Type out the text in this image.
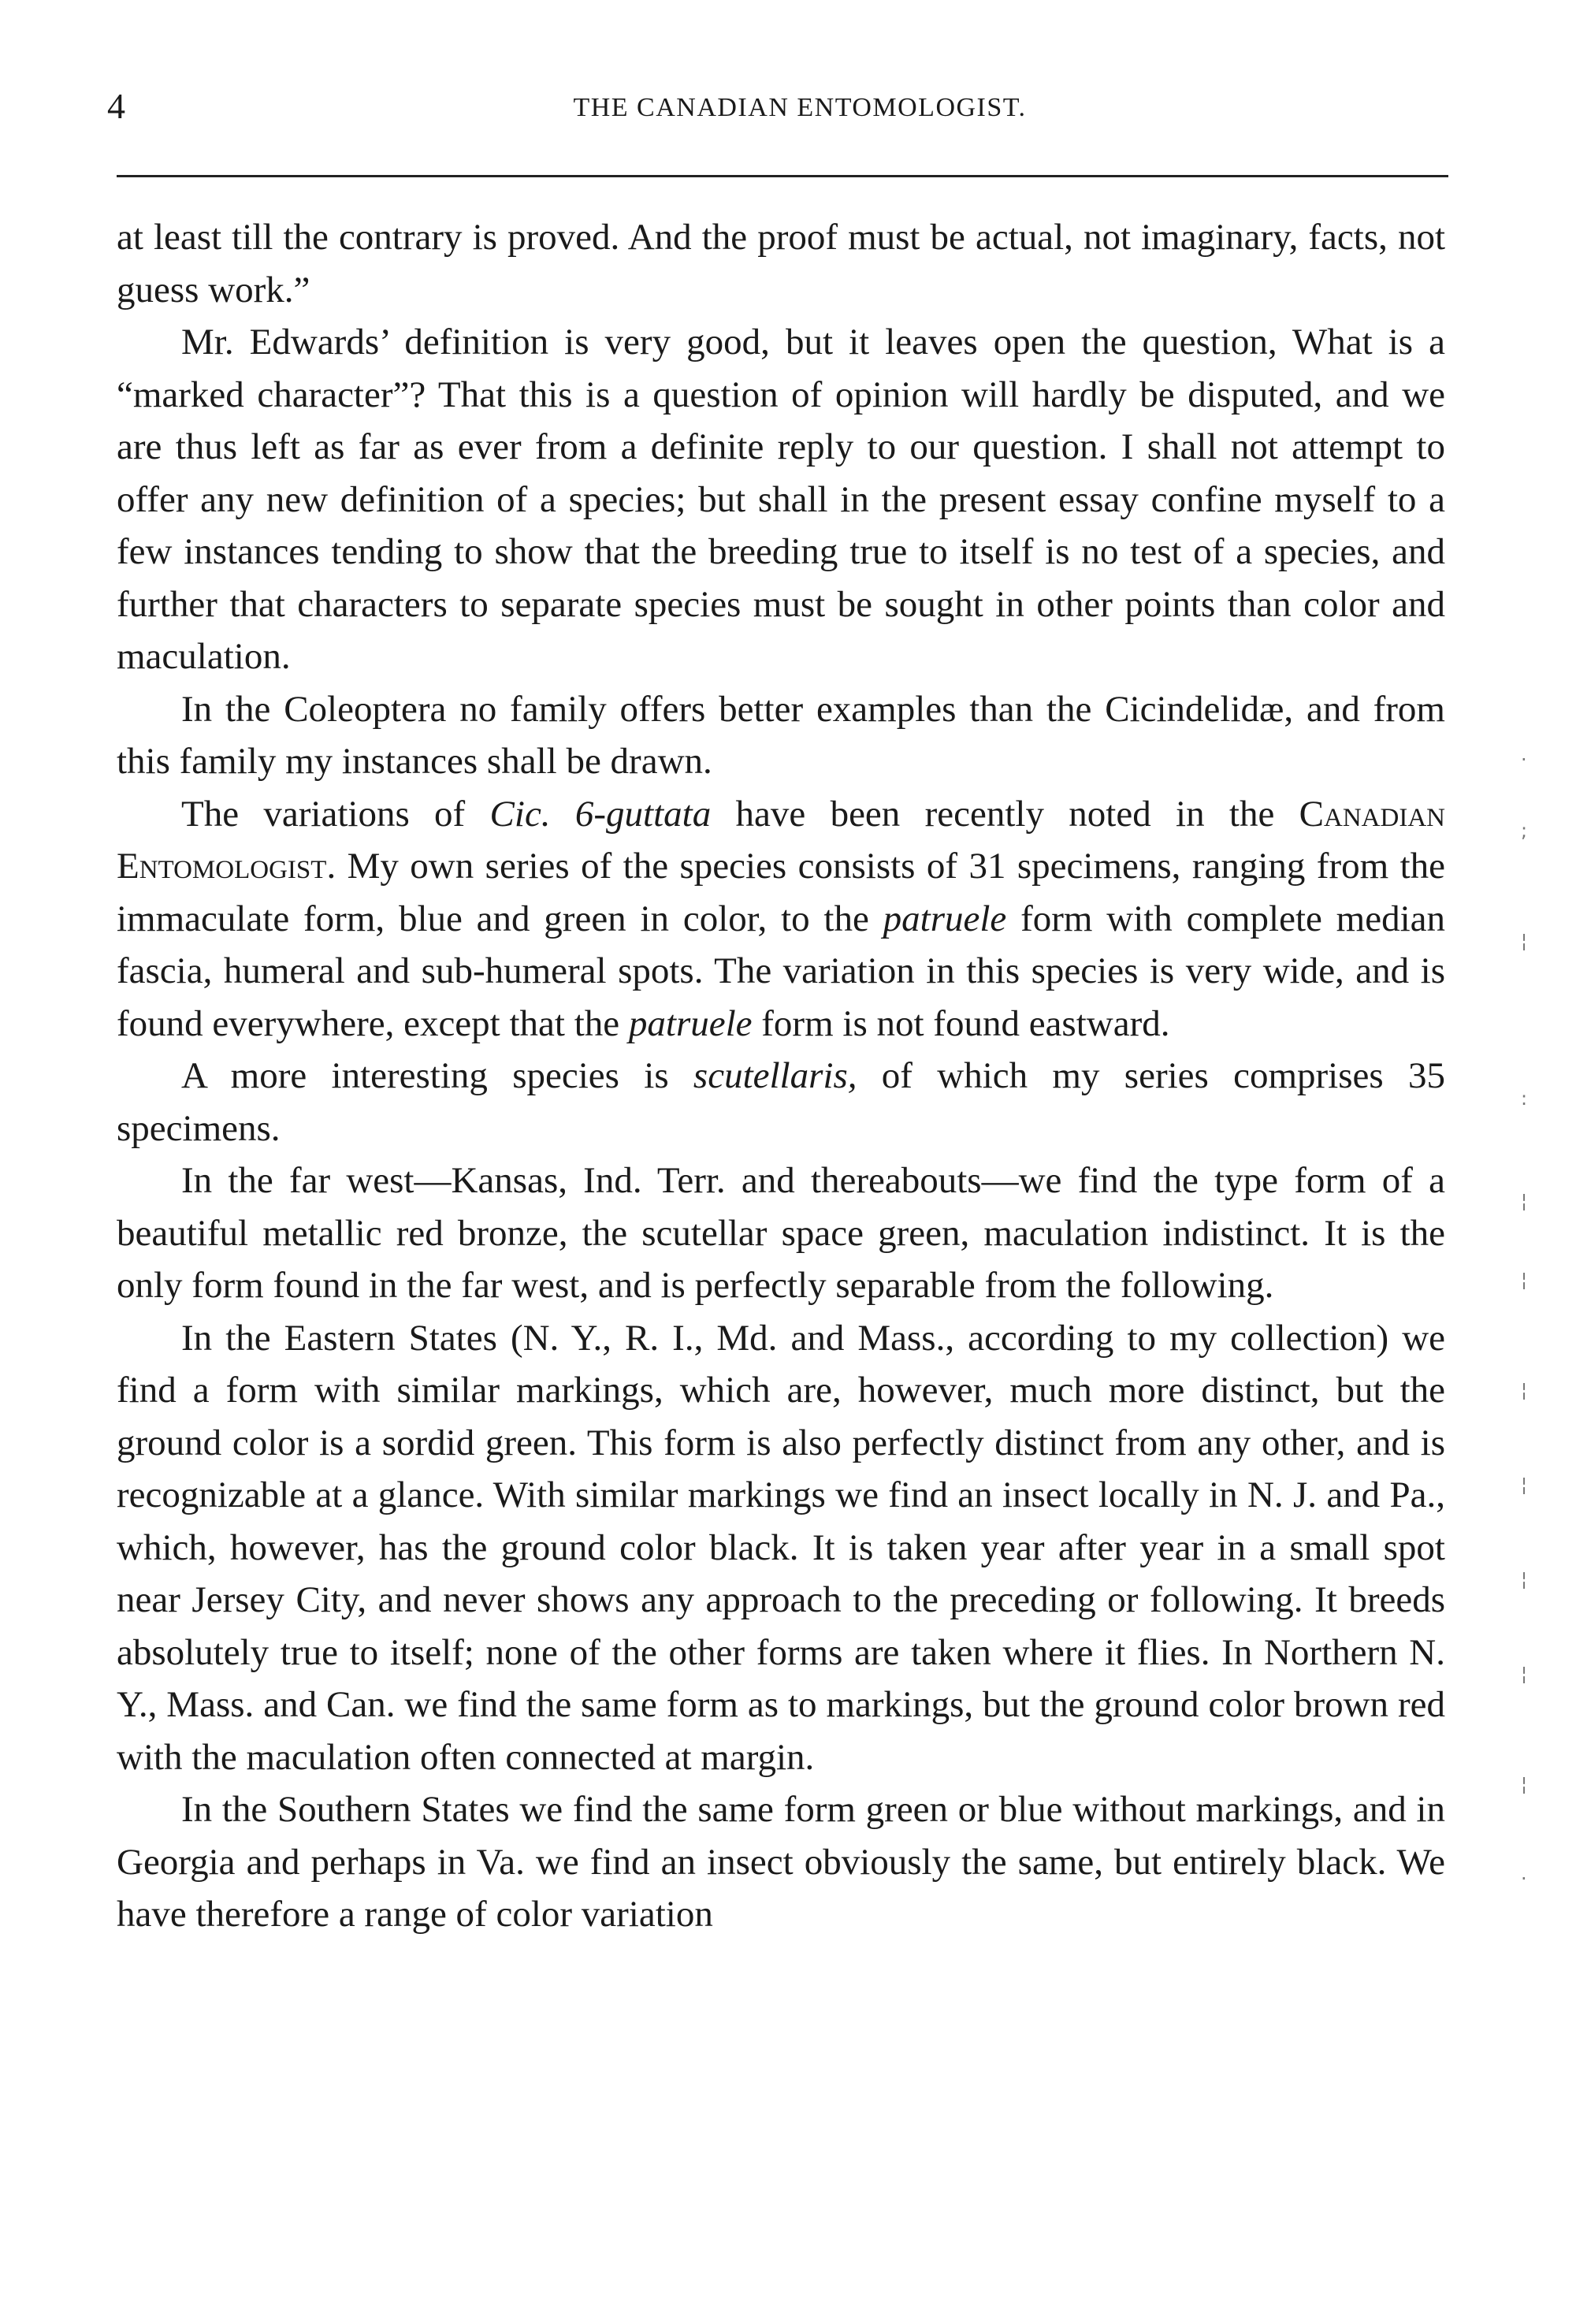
4	THE CANADIAN ENTOMOLOGIST.

at least till the contrary is proved. And the proof must be actual, not imaginary, facts, not guess work.”

Mr. Edwards’ definition is very good, but it leaves open the question, What is a “marked character”? That this is a question of opinion will hardly be disputed, and we are thus left as far as ever from a definite reply to our question. I shall not attempt to offer any new definition of a species; but shall in the present essay confine myself to a few instances tending to show that the breeding true to itself is no test of a species, and further that characters to separate species must be sought in other points than color and maculation.

In the Coleoptera no family offers better examples than the Cicindelidæ, and from this family my instances shall be drawn.

The variations of Cic. 6-guttata have been recently noted in the Canadian Entomologist. My own series of the species consists of 31 specimens, ranging from the immaculate form, blue and green in color, to the patruele form with complete median fascia, humeral and sub-humeral spots. The variation in this species is very wide, and is found everywhere, except that the patruele form is not found eastward.

A more interesting species is scutellaris, of which my series comprises 35 specimens.

In the far west—Kansas, Ind. Terr. and thereabouts—we find the type form of a beautiful metallic red bronze, the scutellar space green, maculation indistinct. It is the only form found in the far west, and is perfectly separable from the following.

In the Eastern States (N. Y., R. I., Md. and Mass., according to my collection) we find a form with similar markings, which are, however, much more distinct, but the ground color is a sordid green. This form is also perfectly distinct from any other, and is recognizable at a glance. With similar markings we find an insect locally in N. J. and Pa., which, however, has the ground color black. It is taken year after year in a small spot near Jersey City, and never shows any approach to the preceding or following. It breeds absolutely true to itself; none of the other forms are taken where it flies. In Northern N. Y., Mass. and Can. we find the same form as to markings, but the ground color brown red with the maculation often connected at margin.

In the Southern States we find the same form green or blue without markings, and in Georgia and perhaps in Va. we find an insect obviously the same, but entirely black. We have therefore a range of color variation

·
;
¦
:
¦
¦
¦
¦
¦
¦
¦
·
